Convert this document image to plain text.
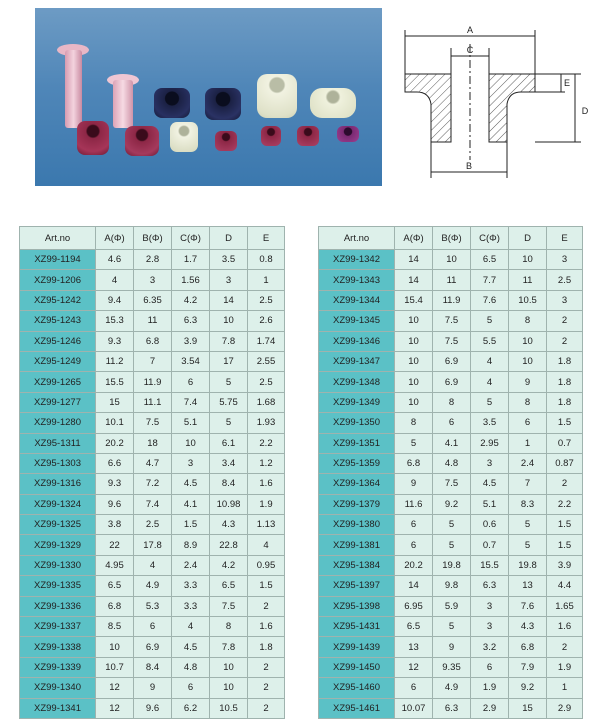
A
C
B
D
E
Art.no	A(Φ)	B(Φ)	C(Φ)	D	E
XZ99-1194	4.6	2.8	1.7	3.5	0.8
XZ99-1206	4	3	1.56	3	1
XZ95-1242	9.4	6.35	4.2	14	2.5
XZ95-1243	15.3	11	6.3	10	2.6
XZ95-1246	9.3	6.8	3.9	7.8	1.74
XZ95-1249	11.2	7	3.54	17	2.55
XZ99-1265	15.5	11.9	6	5	2.5
XZ99-1277	15	11.1	7.4	5.75	1.68
XZ99-1280	10.1	7.5	5.1	5	1.93
XZ95-1311	20.2	18	10	6.1	2.2
XZ95-1303	6.6	4.7	3	3.4	1.2
XZ99-1316	9.3	7.2	4.5	8.4	1.6
XZ99-1324	9.6	7.4	4.1	10.98	1.9
XZ99-1325	3.8	2.5	1.5	4.3	1.13
XZ99-1329	22	17.8	8.9	22.8	4
XZ99-1330	4.95	4	2.4	4.2	0.95
XZ99-1335	6.5	4.9	3.3	6.5	1.5
XZ99-1336	6.8	5.3	3.3	7.5	2
XZ99-1337	8.5	6	4	8	1.6
XZ99-1338	10	6.9	4.5	7.8	1.8
XZ99-1339	10.7	8.4	4.8	10	2
XZ99-1340	12	9	6	10	2
XZ99-1341	12	9.6	6.2	10.5	2
Art.no	A(Φ)	B(Φ)	C(Φ)	D	E
XZ99-1342	14	10	6.5	10	3
XZ99-1343	14	11	7.7	11	2.5
XZ99-1344	15.4	11.9	7.6	10.5	3
XZ99-1345	10	7.5	5	8	2
XZ99-1346	10	7.5	5.5	10	2
XZ99-1347	10	6.9	4	10	1.8
XZ99-1348	10	6.9	4	9	1.8
XZ99-1349	10	8	5	8	1.8
XZ99-1350	8	6	3.5	6	1.5
XZ99-1351	5	4.1	2.95	1	0.7
XZ95-1359	6.8	4.8	3	2.4	0.87
XZ99-1364	9	7.5	4.5	7	2
XZ99-1379	11.6	9.2	5.1	8.3	2.2
XZ99-1380	6	5	0.6	5	1.5
XZ99-1381	6	5	0.7	5	1.5
XZ95-1384	20.2	19.8	15.5	19.8	3.9
XZ95-1397	14	9.8	6.3	13	4.4
XZ95-1398	6.95	5.9	3	7.6	1.65
XZ95-1431	6.5	5	3	4.3	1.6
XZ99-1439	13	9	3.2	6.8	2
XZ99-1450	12	9.35	6	7.9	1.9
XZ95-1460	6	4.9	1.9	9.2	1
XZ95-1461	10.07	6.3	2.9	15	2.9
